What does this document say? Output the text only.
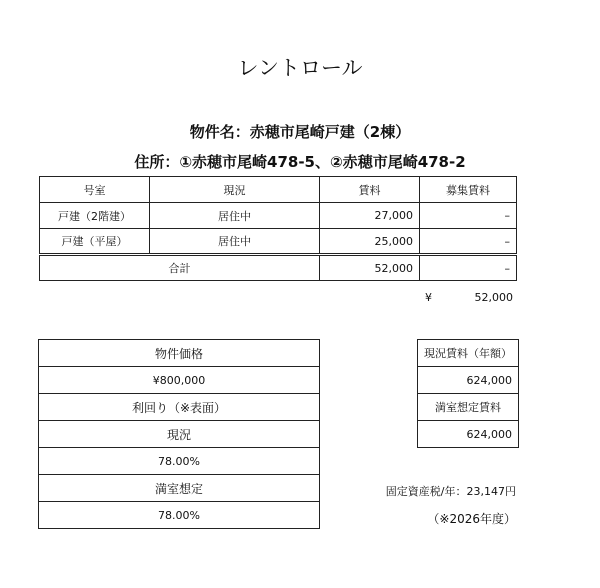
レントロール
物件名：赤穂市尾崎戸建（2棟）
住所：①赤穂市尾崎478-5、②赤穂市尾崎478-2
号室	現況	賃料	募集賃料
戸建（2階建）	居住中	27,000	–
戸建（平屋）	居住中	25,000	–
合計		52,000	–
¥	52,000
物件価格
¥800,000
利回り（※表面）
現況
78.00%
満室想定
78.00%
現況賃料（年額）
624,000
満室想定賃料
624,000
固定資産税/年：23,147円
（※2026年度）
